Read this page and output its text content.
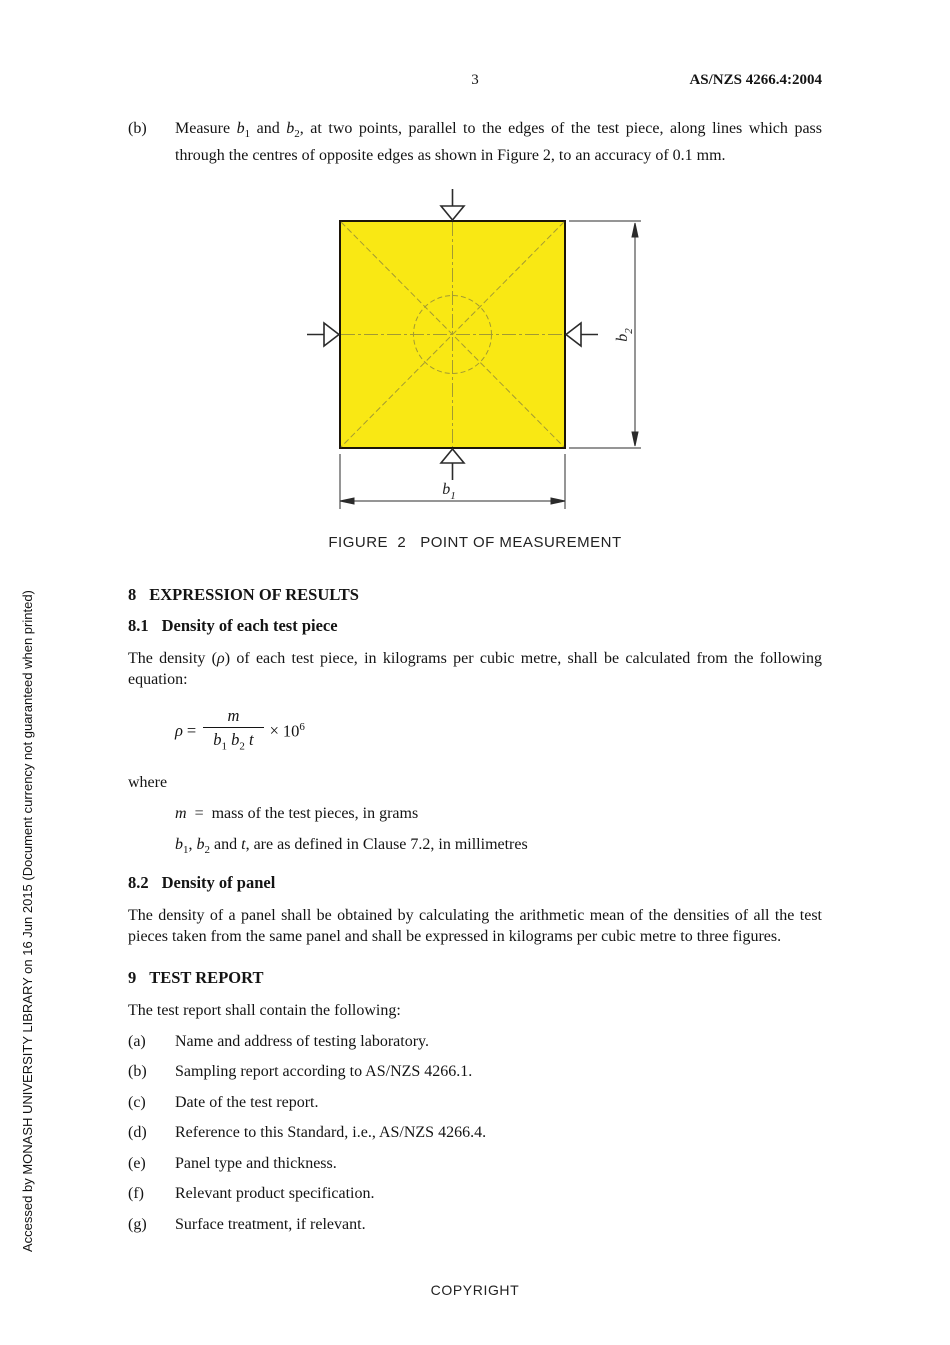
Accessed by MONASH UNIVERSITY LIBRARY on 16 Jun 2015 (Document currency not guaranteed when printed)
3	AS/NZS 4266.4:2004
(b)	Measure $b_1$ and $b_2$, at two points, parallel to the edges of the test piece, along lines which pass through the centres of opposite edges as shown in Figure 2, to an accuracy of 0.1 mm.
$b_1$
$b_2$
FIGURE  2   POINT OF MEASUREMENT
8 EXPRESSION OF RESULTS
8.1 Density of each test piece

The density (ρ) of each test piece, in kilograms per cubic metre, shall be calculated from the following equation:

$\rho = \frac{m}{b_1 b_2 t} \times 10^6$
where
m  =  mass of the test pieces, in grams
$b_1$, $b_2$ and t, are as defined in Clause 7.2, in millimetres
8.2 Density of panel

The density of a panel shall be obtained by calculating the arithmetic mean of the densities of all the test pieces taken from the same panel and shall be expressed in kilograms per cubic metre to three figures.

9 TEST REPORT

The test report shall contain the following:

(a)	Name and address of testing laboratory.
(b)	Sampling report according to AS/NZS 4266.1.
(c)	Date of the test report.
(d)	Reference to this Standard, i.e., AS/NZS 4266.4.
(e)	Panel type and thickness.
(f)	Relevant product specification.
(g)	Surface treatment, if relevant.
COPYRIGHT
